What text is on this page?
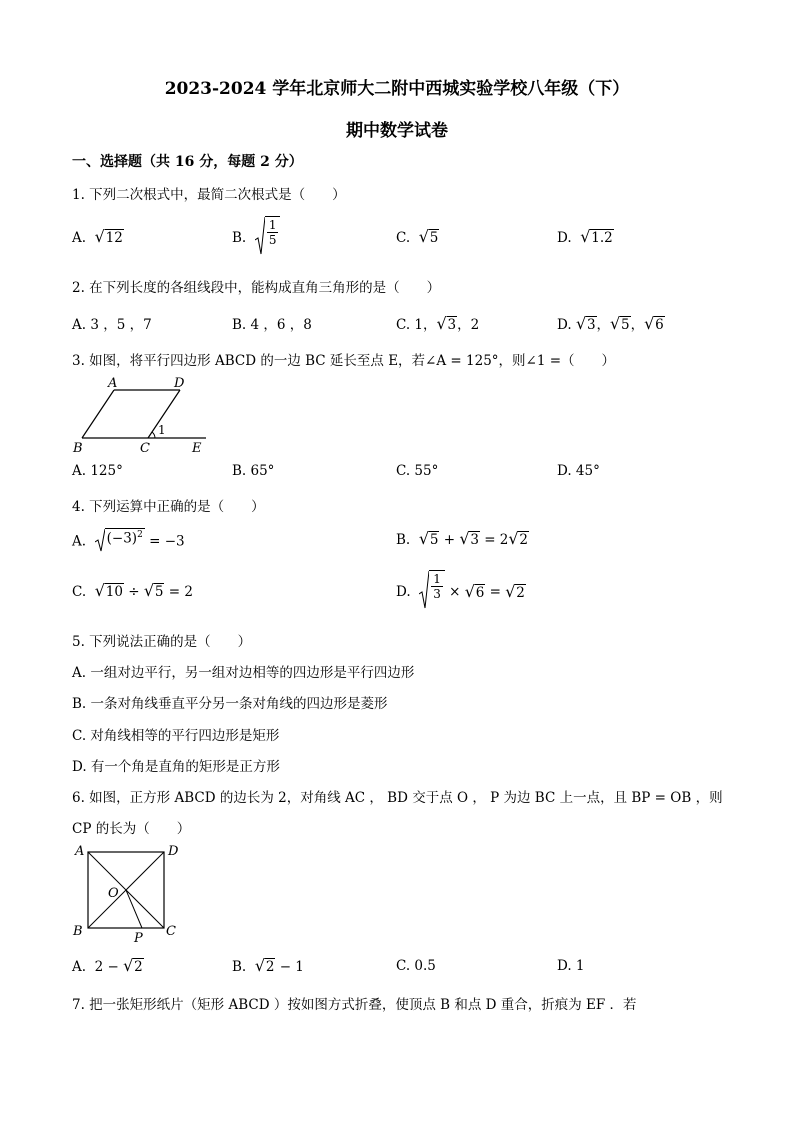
2023-2024 学年北京师大二附中西城实验学校八年级（下）
期中数学试卷
一、选择题（共 16 分，每题 2 分）
1. 下列二次根式中，最简二次根式是（　　）
A. √ 12	B. $\frac{1}{5}$	C. √ 5	D. √ 1.2
2. 在下列长度的各组线段中，能构成直角三角形的是（　　）
A. 3 ，5 ，7	B. 4 ，6 ，8	C. 1， √ 3，2	D. √ 3， √ 5， √ 6
3. 如图，将平行四边形 ABCD 的一边 BC 延长至点 E，若∠A = 125°，则∠1 =（　　）
A	D
B	C	E
1
A. 125°	B. 65°	C. 55°	D. 45°
4. 下列运算中正确的是（　　）
A. $(-3)^2 = -3$	B. √ 5 + √ 3 = 2 √ 2
C. √ 10 ÷ √ 5 = 2	D. $\frac{1}{3}$ × √ 6 = √ 2
5. 下列说法正确的是（　　）
A. 一组对边平行，另一组对边相等的四边形是平行四边形
B. 一条对角线垂直平分另一条对角线的四边形是菱形
C. 对角线相等的平行四边形是矩形
D. 有一个角是直角的矩形是正方形
6. 如图，正方形 ABCD 的边长为 2，对角线 AC ， BD 交于点 O ， P 为边 BC 上一点，且 BP = OB ，则
CP 的长为（　　）
A	D
B	C
O
P
A. 2 − √ 2	B. √ 2 − 1	C. 0.5	D. 1
7. 把一张矩形纸片（矩形 ABCD ）按如图方式折叠，使顶点 B 和点 D 重合，折痕为 EF ．若
